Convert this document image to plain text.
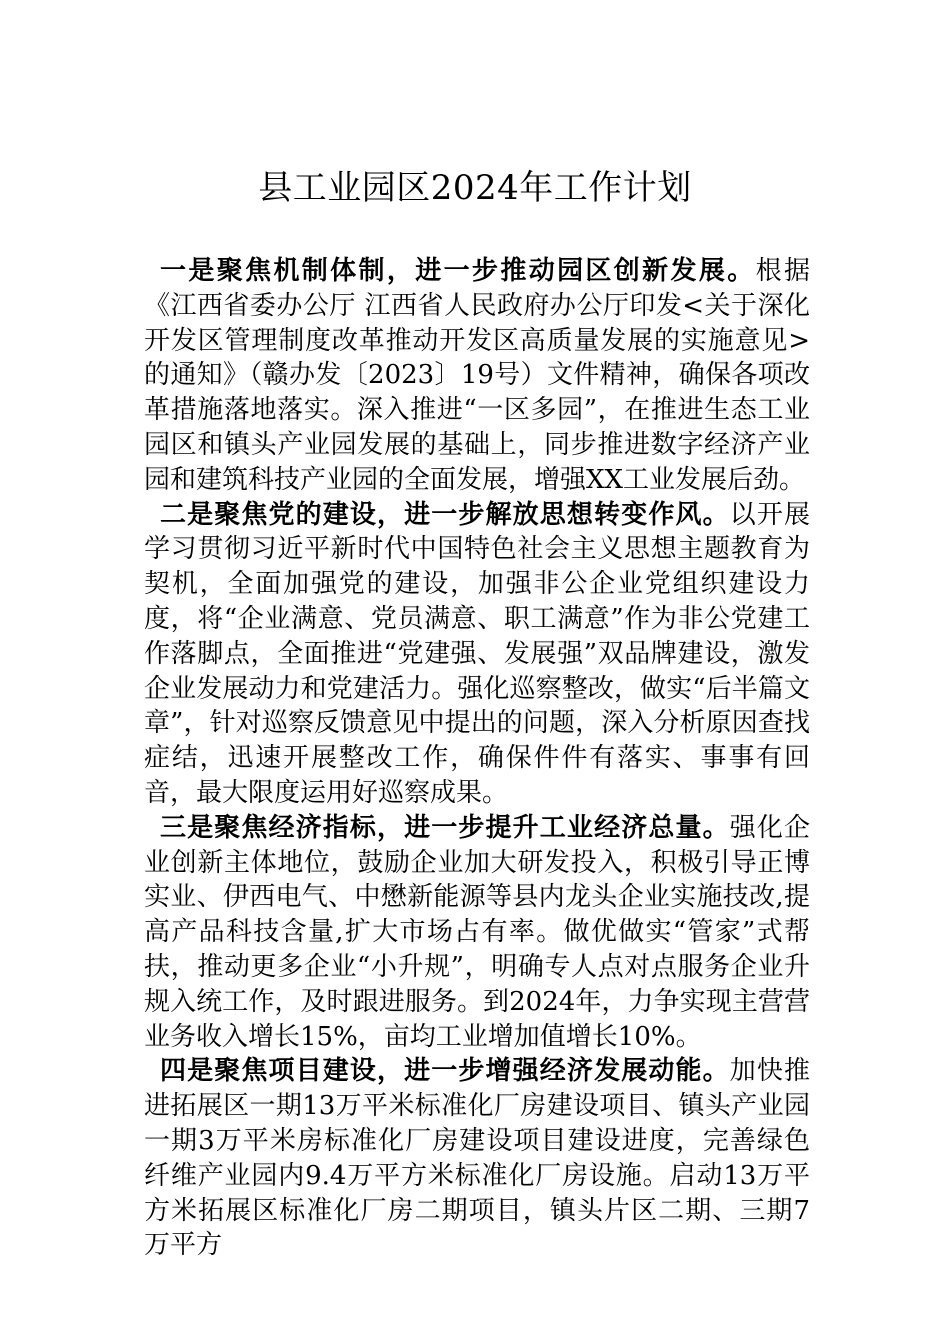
县工业园区2024年工作计划

一是聚焦机制体制，进一步推动园区创新发展。根据《江西省委办公厅 江西省人民政府办公厅印发<关于深化开发区管理制度改革推动开发区高质量发展的实施意见>的通知》（赣办发〔2023〕19号）文件精神，确保各项改革措施落地落实。深入推进“一区多园”，在推进生态工业园区和镇头产业园发展的基础上，同步推进数字经济产业园和建筑科技产业园的全面发展，增强XX工业发展后劲。

二是聚焦党的建设，进一步解放思想转变作风。以开展学习贯彻习近平新时代中国特色社会主义思想主题教育为契机，全面加强党的建设，加强非公企业党组织建设力度，将“企业满意、党员满意、职工满意”作为非公党建工作落脚点，全面推进“党建强、发展强”双品牌建设，激发企业发展动力和党建活力。强化巡察整改，做实“后半篇文章”，针对巡察反馈意见中提出的问题，深入分析原因查找症结，迅速开展整改工作，确保件件有落实、事事有回音，最大限度运用好巡察成果。

三是聚焦经济指标，进一步提升工业经济总量。强化企业创新主体地位，鼓励企业加大研发投入，积极引导正博实业、伊西电气、中懋新能源等县内龙头企业实施技改,提高产品科技含量,扩大市场占有率。做优做实“管家”式帮扶，推动更多企业“小升规”，明确专人点对点服务企业升规入统工作，及时跟进服务。到2024年，力争实现主营营业务收入增长15%，亩均工业增加值增长10%。

四是聚焦项目建设，进一步增强经济发展动能。加快推进拓展区一期13万平米标准化厂房建设项目、镇头产业园一期3万平米房标准化厂房建设项目建设进度，完善绿色纤维产业园内9.4万平方米标准化厂房设施。启动13万平方米拓展区标准化厂房二期项目，镇头片区二期、三期7万平方
